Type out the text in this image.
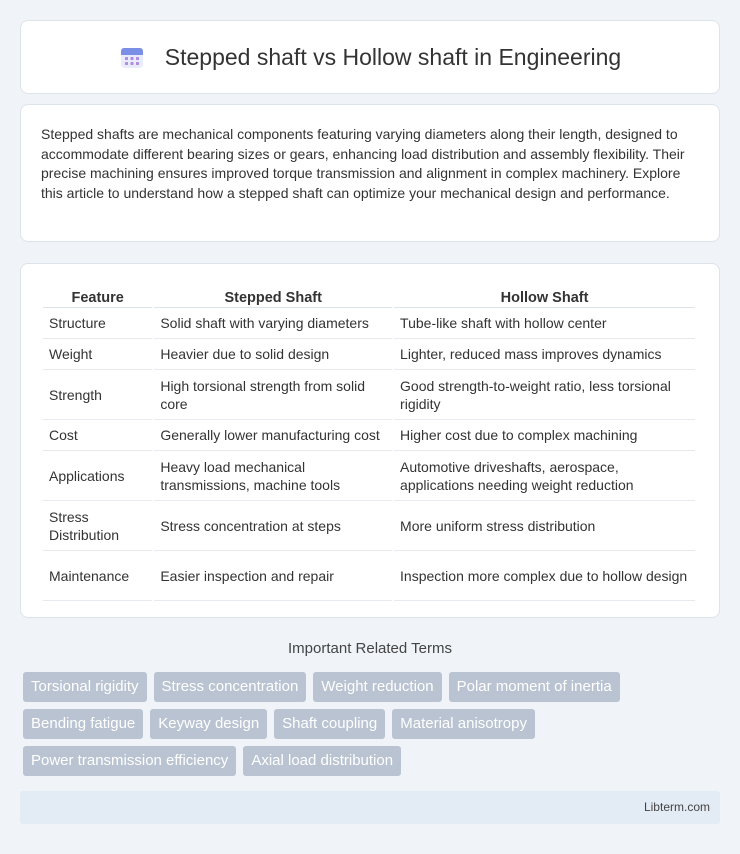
Stepped shaft vs Hollow shaft in Engineering

Stepped shafts are mechanical components featuring varying diameters along their length, designed to accommodate different bearing sizes or gears, enhancing load distribution and assembly flexibility. Their precise machining ensures improved torque transmission and alignment in complex machinery. Explore this article to understand how a stepped shaft can optimize your mechanical design and performance.

Feature	Stepped Shaft	Hollow Shaft
Structure	Solid shaft with varying diameters	Tube-like shaft with hollow center
Weight	Heavier due to solid design	Lighter, reduced mass improves dynamics
Strength	High torsional strength from solid core	Good strength-to-weight ratio, less torsional rigidity
Cost	Generally lower manufacturing cost	Higher cost due to complex machining
Applications	Heavy load mechanical transmissions, machine tools	Automotive driveshafts, aerospace, applications needing weight reduction
Stress Distribution	Stress concentration at steps	More uniform stress distribution
Maintenance	Easier inspection and repair	Inspection more complex due to hollow design
Important Related Terms
Torsional rigidity	Stress concentration	Weight reduction	Polar moment of inertia
Bending fatigue	Keyway design	Shaft coupling	Material anisotropy
Power transmission efficiency	Axial load distribution
Libterm.com
